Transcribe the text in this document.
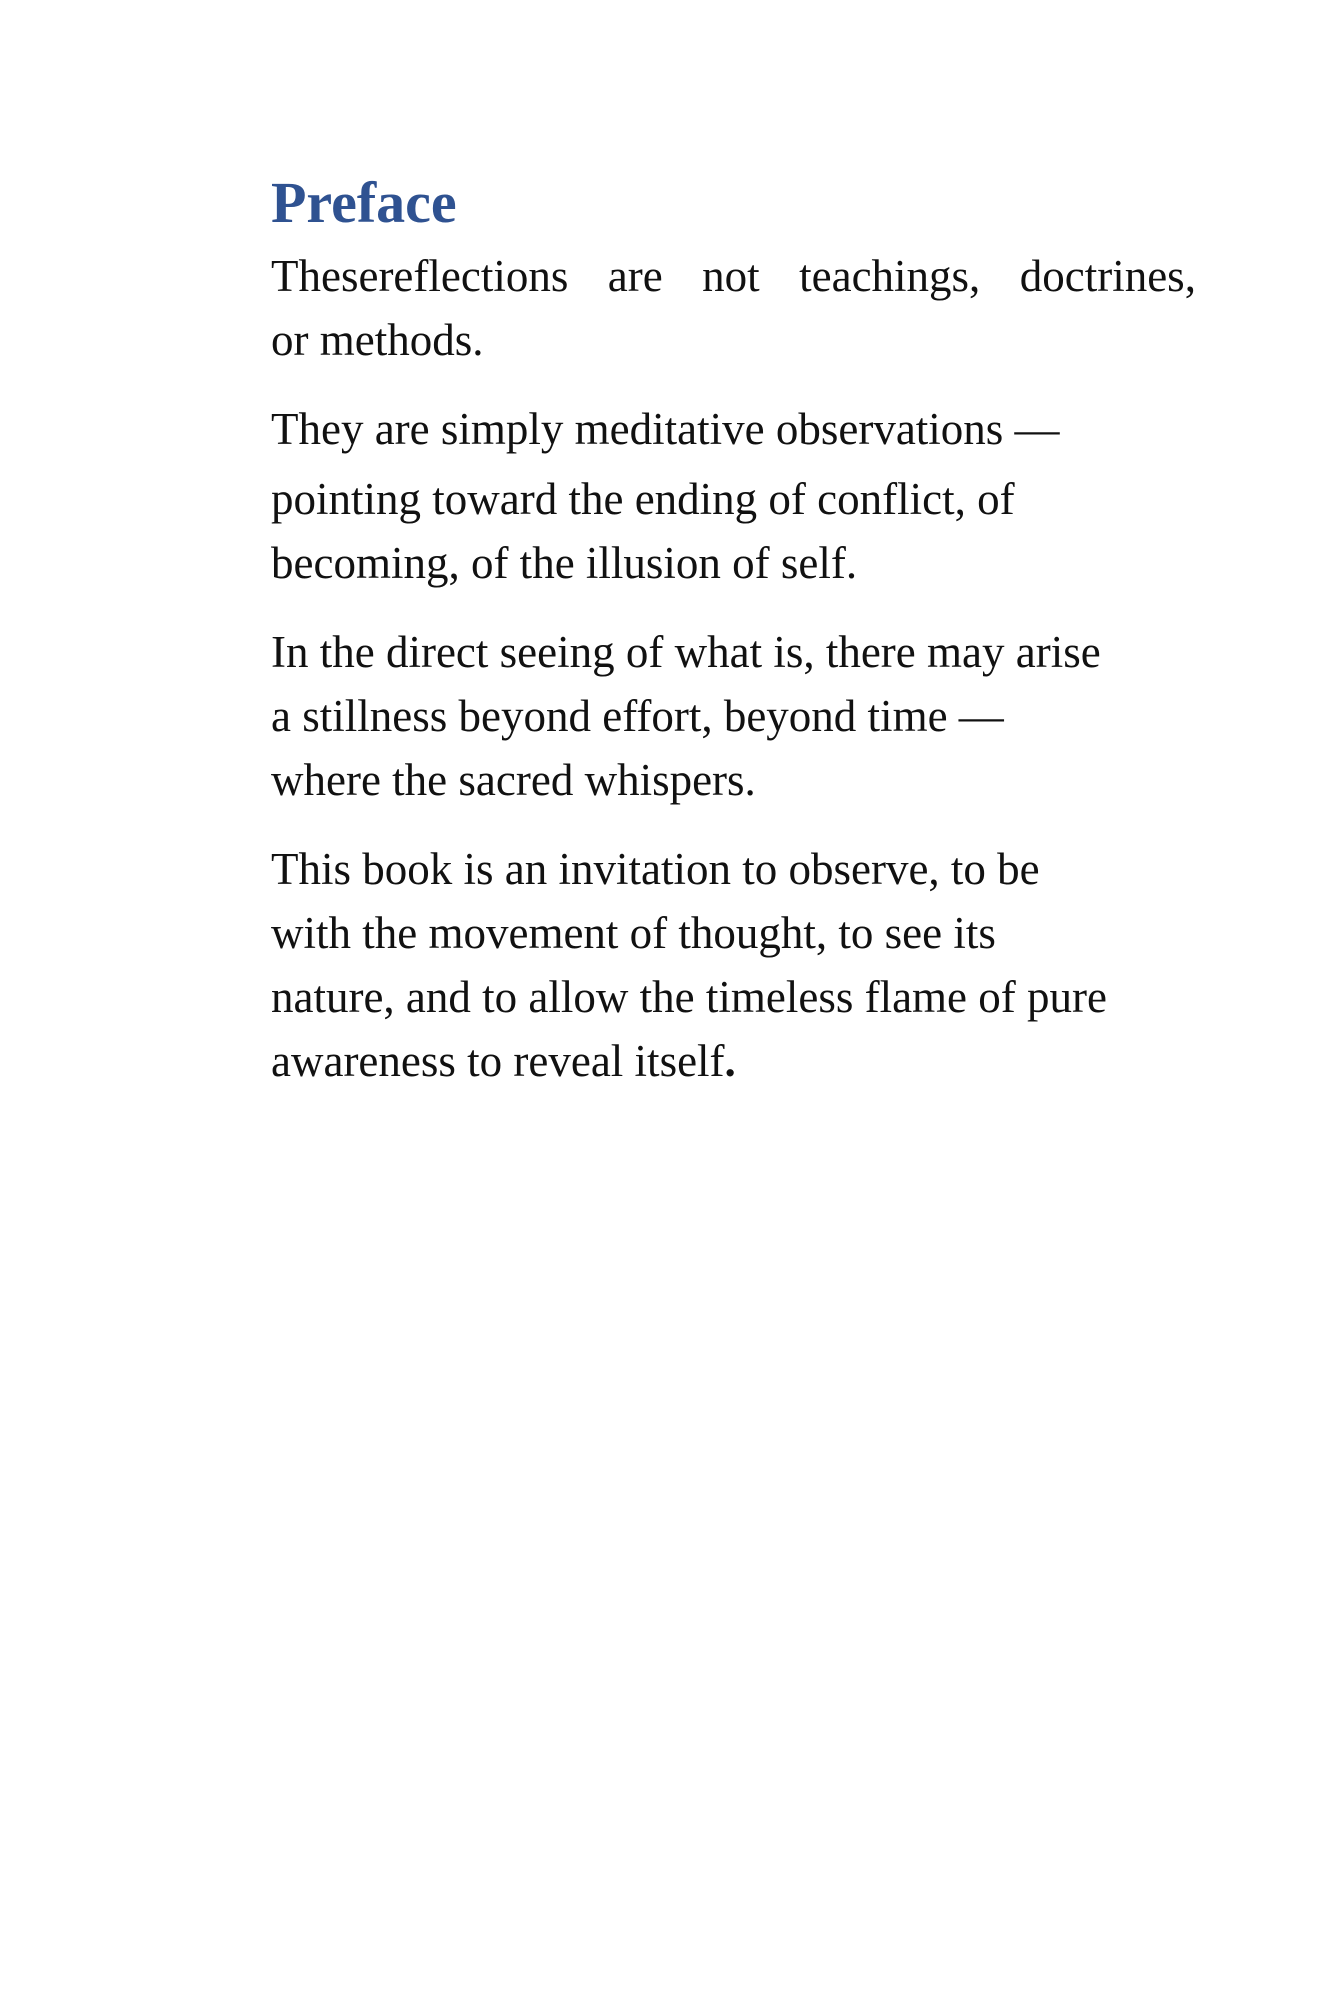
Preface

Thesereflections are not teachings, doctrines,
or methods.

They are simply meditative observations —
pointing toward the ending of conflict, of
becoming, of the illusion of self.

In the direct seeing of what is, there may arise
a stillness beyond effort, beyond time —
where the sacred whispers.

This book is an invitation to observe, to be
with the movement of thought, to see its
nature, and to allow the timeless flame of pure
awareness to reveal itself.
